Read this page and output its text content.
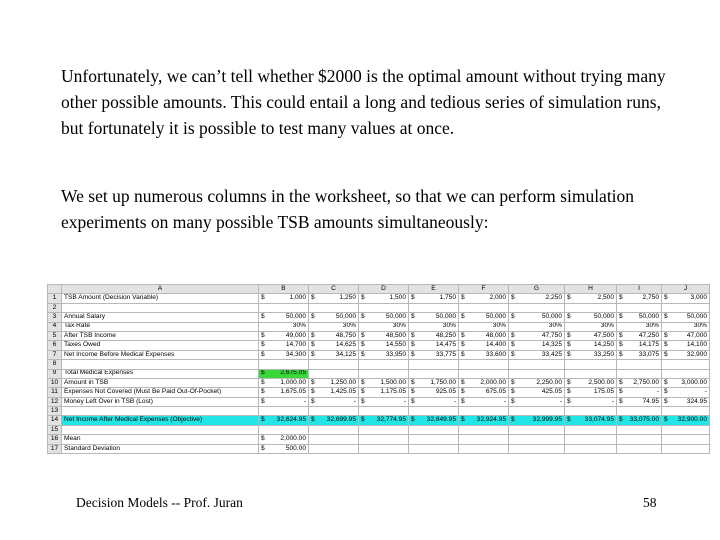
Unfortunately, we can’t tell whether $2000 is the optimal amount without trying many other possible amounts. This could entail a long and tedious series of simulation runs, but fortunately it is possible to test many values at once.

We set up numerous columns in the worksheet, so that we can perform simulation experiments on many possible TSB amounts simultaneously:

	A	B	C	D	E	F	G	H	I	J
1	TSB Amount (Decision Variable)	$ 1,000	$ 1,250	$ 1,500	$ 1,750	$ 2,000	$ 2,250	$ 2,500	$ 2,750	$ 3,000
2										
3	Annual Salary	$ 50,000	$ 50,000	$ 50,000	$ 50,000	$ 50,000	$ 50,000	$ 50,000	$ 50,000	$ 50,000
4	Tax Rate	30%	30%	30%	30%	30%	30%	30%	30%	30%
5	After TSB Income	$ 49,000	$ 48,750	$ 48,500	$ 48,250	$ 48,000	$ 47,750	$ 47,500	$ 47,250	$ 47,000
6	Taxes Owed	$ 14,700	$ 14,625	$ 14,550	$ 14,475	$ 14,400	$ 14,325	$ 14,250	$ 14,175	$ 14,100
7	Net Income Before Medical Expenses	$ 34,300	$ 34,125	$ 33,950	$ 33,775	$ 33,600	$ 33,425	$ 33,250	$ 33,075	$ 32,900
8										
9	Total Medical Expenses	$ 2,675.05								
10	Amount in TSB	$ 1,000.00	$ 1,250.00	$ 1,500.00	$ 1,750.00	$ 2,000.00	$ 2,250.00	$ 2,500.00	$ 2,750.00	$ 3,000.00
11	Expenses Not Covered (Must Be Paid Out-Of-Pocket)	$ 1,675.05	$ 1,425.05	$ 1,175.05	$ 925.05	$ 675.05	$ 425.05	$ 175.05	$ -	$ -
12	Money Left Over in TSB (Lost)	$ -	$ -	$ -	$ -	$ -	$ -	$ -	$ 74.95	$ 324.95
13										
14	Net Income After Medical Expenses (Objective)	$ 32,624.95	$ 32,699.95	$ 32,774.95	$ 32,849.95	$ 32,924.95	$ 32,999.95	$ 33,074.95	$ 33,075.00	$ 32,900.00
15										
16	Mean	$ 2,000.00								
17	Standard Deviation	$ 500.00								
Decision Models -- Prof. Juran	58
